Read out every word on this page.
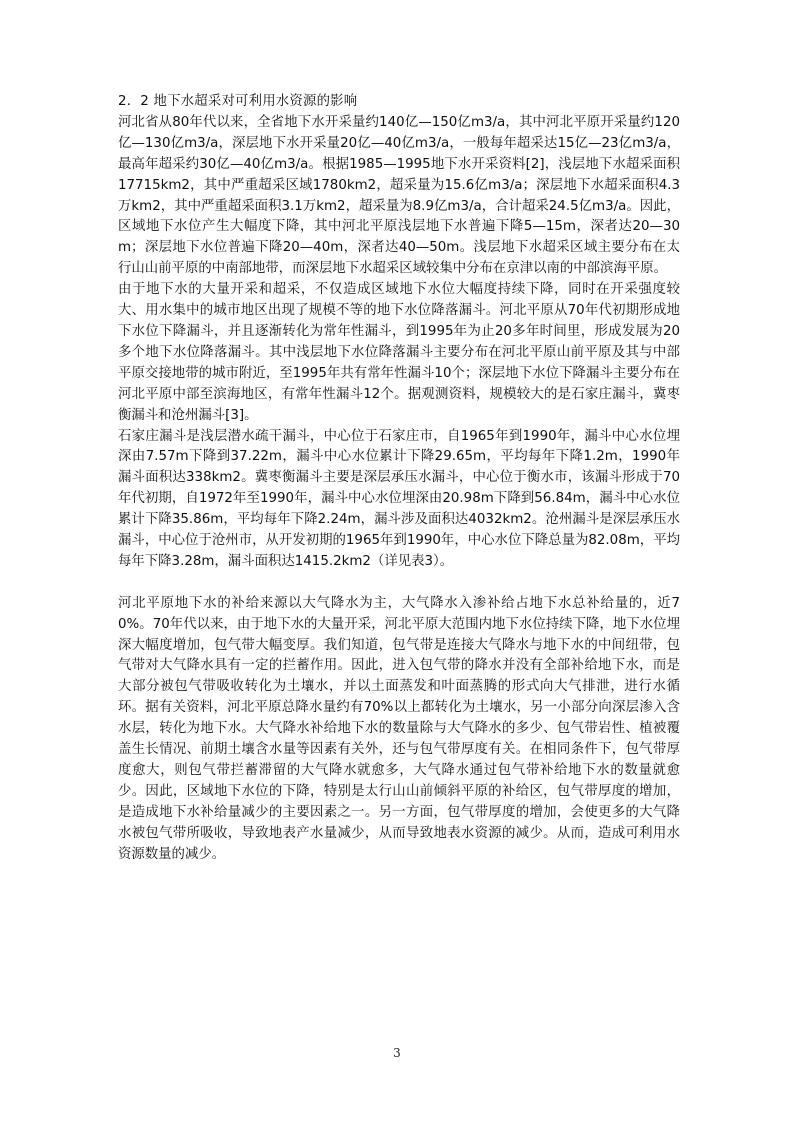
2．2 地下水超采对可利用水资源的影响

河北省从80年代以来，全省地下水开采量约140亿—150亿m3/a，其中河北平原开采量约120亿—130亿m3/a，深层地下水开采量20亿—40亿m3/a，一般每年超采达15亿—23亿m3/a，最高年超采约30亿—40亿m3/a。根据1985—1995地下水开采资料[2]，浅层地下水超采面积17715km2，其中严重超采区域1780km2，超采量为15.6亿m3/a；深层地下水超采面积4.3万km2，其中严重超采面积3.1万km2，超采量为8.9亿m3/a，合计超采24.5亿m3/a。因此，区域地下水位产生大幅度下降，其中河北平原浅层地下水普遍下降5—15m，深者达20—30m；深层地下水位普遍下降20—40m，深者达40—50m。浅层地下水超采区域主要分布在太行山山前平原的中南部地带，而深层地下水超采区域较集中分布在京津以南的中部滨海平原。

由于地下水的大量开采和超采，不仅造成区域地下水位大幅度持续下降，同时在开采强度较大、用水集中的城市地区出现了规模不等的地下水位降落漏斗。河北平原从70年代初期形成地下水位下降漏斗，并且逐渐转化为常年性漏斗，到1995年为止20多年时间里，形成发展为20多个地下水位降落漏斗。其中浅层地下水位降落漏斗主要分布在河北平原山前平原及其与中部平原交接地带的城市附近，至1995年共有常年性漏斗10个；深层地下水位下降漏斗主要分布在河北平原中部至滨海地区，有常年性漏斗12个。据观测资料，规模较大的是石家庄漏斗，冀枣衡漏斗和沧州漏斗[3]。

石家庄漏斗是浅层潜水疏干漏斗，中心位于石家庄市，自1965年到1990年，漏斗中心水位埋深由7.57m下降到37.22m，漏斗中心水位累计下降29.65m，平均每年下降1.2m，1990年漏斗面积达338km2。冀枣衡漏斗主要是深层承压水漏斗，中心位于衡水市，该漏斗形成于70年代初期，自1972年至1990年，漏斗中心水位埋深由20.98m下降到56.84m，漏斗中心水位累计下降35.86m，平均每年下降2.24m，漏斗涉及面积达4032km2。沧州漏斗是深层承压水漏斗，中心位于沧州市，从开发初期的1965年到1990年，中心水位下降总量为82.08m，平均每年下降3.28m，漏斗面积达1415.2km2（详见表3）。

河北平原地下水的补给来源以大气降水为主，大气降水入渗补给占地下水总补给量的，近70%。70年代以来，由于地下水的大量开采，河北平原大范围内地下水位持续下降，地下水位埋深大幅度增加，包气带大幅变厚。我们知道，包气带是连接大气降水与地下水的中间纽带，包气带对大气降水具有一定的拦蓄作用。因此，进入包气带的降水并没有全部补给地下水，而是大部分被包气带吸收转化为土壤水，并以土面蒸发和叶面蒸腾的形式向大气排泄，进行水循环。据有关资料，河北平原总降水量约有70%以上都转化为土壤水，另一小部分向深层渗入含水层，转化为地下水。大气降水补给地下水的数量除与大气降水的多少、包气带岩性、植被覆盖生长情况、前期土壤含水量等因素有关外，还与包气带厚度有关。在相同条件下，包气带厚度愈大，则包气带拦蓄滞留的大气降水就愈多，大气降水通过包气带补给地下水的数量就愈少。因此，区域地下水位的下降，特别是太行山山前倾斜平原的补给区，包气带厚度的增加，是造成地下水补给量减少的主要因素之一。另一方面，包气带厚度的增加，会使更多的大气降水被包气带所吸收，导致地表产水量减少，从而导致地表水资源的减少。从而，造成可利用水资源数量的减少。

3
